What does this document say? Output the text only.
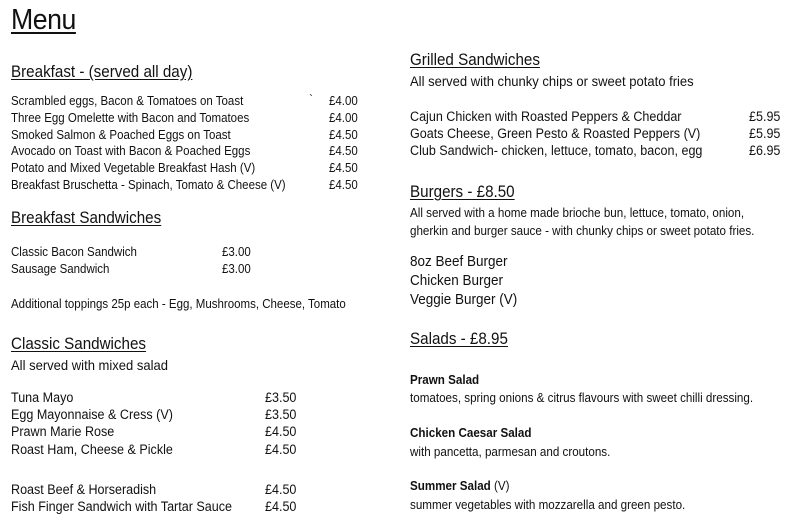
Menu
Breakfast - (served all day)
Scrambled eggs, Bacon & Tomatoes on Toast
Three Egg Omelette with Bacon and Tomatoes
Smoked Salmon & Poached Eggs on Toast
Avocado on Toast with Bacon & Poached Eggs
Potato and Mixed Vegetable Breakfast Hash (V)
Breakfast Bruschetta - Spinach, Tomato & Cheese (V)
` £4.00
£4.00
£4.50
£4.50
£4.50
£4.50
Breakfast Sandwiches
Classic Bacon Sandwich
Sausage Sandwich
£3.00
£3.00
Additional toppings 25p each - Egg, Mushrooms, Cheese, Tomato
Classic Sandwiches
All served with mixed salad
Tuna Mayo
Egg Mayonnaise & Cress (V)
Prawn Marie Rose
Roast Ham, Cheese & Pickle
£3.50
£3.50
£4.50
£4.50
Roast Beef & Horseradish
Fish Finger Sandwich with Tartar Sauce
£4.50
£4.50
Grilled Sandwiches
All served with chunky chips or sweet potato fries
Cajun Chicken with Roasted Peppers & Cheddar
Goats Cheese, Green Pesto & Roasted Peppers (V)
Club Sandwich- chicken, lettuce, tomato, bacon, egg
£5.95
£5.95
£6.95
Burgers - £8.50
All served with a home made brioche bun, lettuce, tomato, onion,
gherkin and burger sauce - with chunky chips or sweet potato fries.
8oz Beef Burger
Chicken Burger
Veggie Burger (V)
Salads - £8.95
Prawn Salad
tomatoes, spring onions & citrus flavours with sweet chilli dressing.
Chicken Caesar Salad
with pancetta, parmesan and croutons.
Summer Salad (V)
summer vegetables with mozzarella and green pesto.
